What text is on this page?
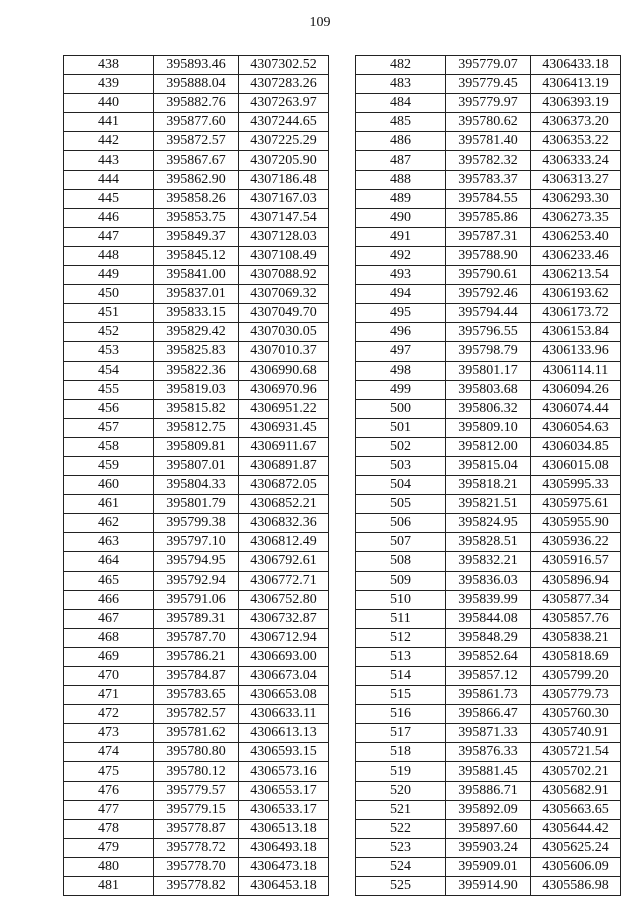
109
438	395893.46	4307302.52
439	395888.04	4307283.26
440	395882.76	4307263.97
441	395877.60	4307244.65
442	395872.57	4307225.29
443	395867.67	4307205.90
444	395862.90	4307186.48
445	395858.26	4307167.03
446	395853.75	4307147.54
447	395849.37	4307128.03
448	395845.12	4307108.49
449	395841.00	4307088.92
450	395837.01	4307069.32
451	395833.15	4307049.70
452	395829.42	4307030.05
453	395825.83	4307010.37
454	395822.36	4306990.68
455	395819.03	4306970.96
456	395815.82	4306951.22
457	395812.75	4306931.45
458	395809.81	4306911.67
459	395807.01	4306891.87
460	395804.33	4306872.05
461	395801.79	4306852.21
462	395799.38	4306832.36
463	395797.10	4306812.49
464	395794.95	4306792.61
465	395792.94	4306772.71
466	395791.06	4306752.80
467	395789.31	4306732.87
468	395787.70	4306712.94
469	395786.21	4306693.00
470	395784.87	4306673.04
471	395783.65	4306653.08
472	395782.57	4306633.11
473	395781.62	4306613.13
474	395780.80	4306593.15
475	395780.12	4306573.16
476	395779.57	4306553.17
477	395779.15	4306533.17
478	395778.87	4306513.18
479	395778.72	4306493.18
480	395778.70	4306473.18
481	395778.82	4306453.18
482	395779.07	4306433.18
483	395779.45	4306413.19
484	395779.97	4306393.19
485	395780.62	4306373.20
486	395781.40	4306353.22
487	395782.32	4306333.24
488	395783.37	4306313.27
489	395784.55	4306293.30
490	395785.86	4306273.35
491	395787.31	4306253.40
492	395788.90	4306233.46
493	395790.61	4306213.54
494	395792.46	4306193.62
495	395794.44	4306173.72
496	395796.55	4306153.84
497	395798.79	4306133.96
498	395801.17	4306114.11
499	395803.68	4306094.26
500	395806.32	4306074.44
501	395809.10	4306054.63
502	395812.00	4306034.85
503	395815.04	4306015.08
504	395818.21	4305995.33
505	395821.51	4305975.61
506	395824.95	4305955.90
507	395828.51	4305936.22
508	395832.21	4305916.57
509	395836.03	4305896.94
510	395839.99	4305877.34
511	395844.08	4305857.76
512	395848.29	4305838.21
513	395852.64	4305818.69
514	395857.12	4305799.20
515	395861.73	4305779.73
516	395866.47	4305760.30
517	395871.33	4305740.91
518	395876.33	4305721.54
519	395881.45	4305702.21
520	395886.71	4305682.91
521	395892.09	4305663.65
522	395897.60	4305644.42
523	395903.24	4305625.24
524	395909.01	4305606.09
525	395914.90	4305586.98
